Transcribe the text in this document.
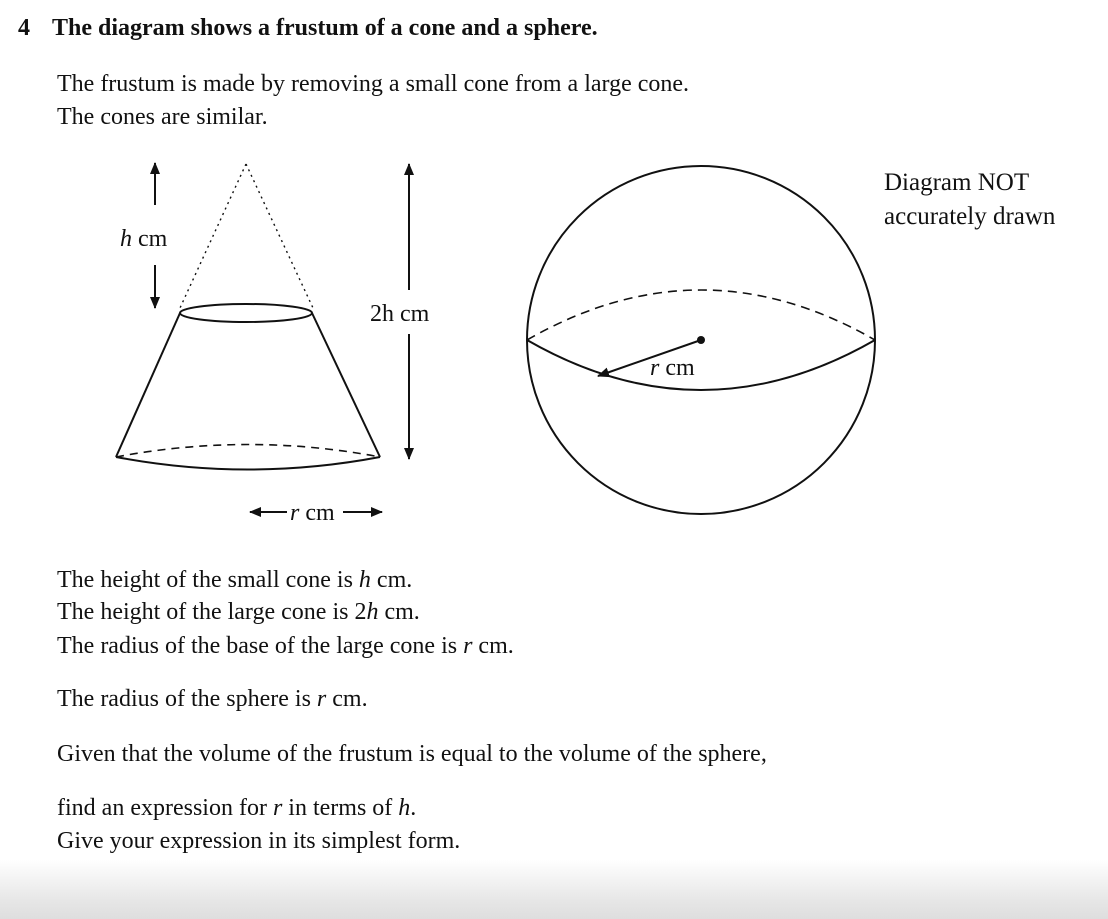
4 The diagram shows a frustum of a cone and a sphere.

The frustum is made by removing a small cone from a large cone.

The cones are similar.

h cm
2h cm
r cm
r cm

Diagram NOT

accurately drawn

The height of the small cone is h cm.

The height of the large cone is 2h cm.

The radius of the base of the large cone is r cm.

The radius of the sphere is r cm.

Given that the volume of the frustum is equal to the volume of the sphere,

find an expression for r in terms of h.

Give your expression in its simplest form.
